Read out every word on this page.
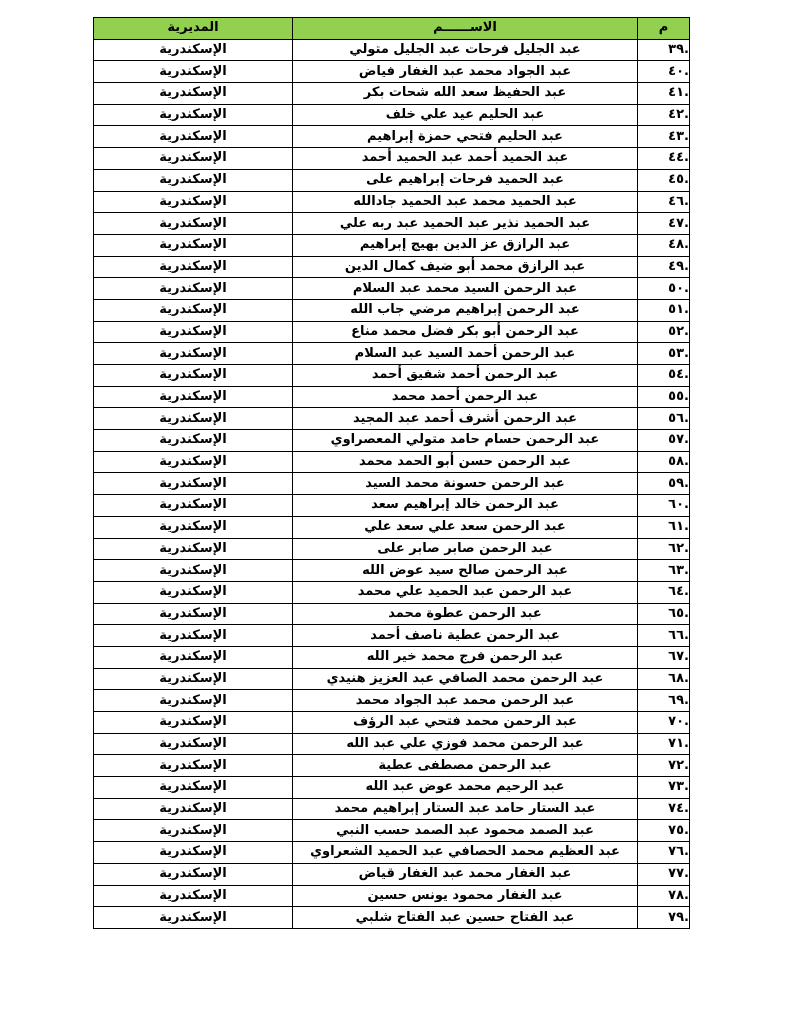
م	الاســــــم	المديرية
.٣٩	عبد الجليل فرحات عبد الجليل متولي	الإسكندرية
.٤٠	عبد الجواد محمد عبد الغفار فياض	الإسكندرية
.٤١	عبد الحفيظ سعد الله شحات بكر	الإسكندرية
.٤٢	عبد الحليم عيد علي خلف	الإسكندرية
.٤٣	عبد الحليم فتحي حمزة إبراهيم	الإسكندرية
.٤٤	عبد الحميد أحمد عبد الحميد أحمد	الإسكندرية
.٤٥	عبد الحميد فرحات إبراهيم على	الإسكندرية
.٤٦	عبد الحميد محمد عبد الحميد جادالله	الإسكندرية
.٤٧	عبد الحميد نذير عبد الحميد عبد ربه علي	الإسكندرية
.٤٨	عبد الرازق عز الدين بهيج إبراهيم	الإسكندرية
.٤٩	عبد الرازق محمد أبو ضيف كمال الدين	الإسكندرية
.٥٠	عبد الرحمن السيد محمد عبد السلام	الإسكندرية
.٥١	عبد الرحمن إبراهيم مرضي جاب الله	الإسكندرية
.٥٢	عبد الرحمن أبو بكر فضل محمد مناع	الإسكندرية
.٥٣	عبد الرحمن أحمد السيد عبد السلام	الإسكندرية
.٥٤	عبد الرحمن أحمد شفيق أحمد	الإسكندرية
.٥٥	عبد الرحمن أحمد محمد	الإسكندرية
.٥٦	عبد الرحمن أشرف أحمد عبد المجيد	الإسكندرية
.٥٧	عبد الرحمن حسام حامد متولي المعصراوي	الإسكندرية
.٥٨	عبد الرحمن حسن أبو الحمد محمد	الإسكندرية
.٥٩	عبد الرحمن حسونة محمد السيد	الإسكندرية
.٦٠	عبد الرحمن خالد إبراهيم سعد	الإسكندرية
.٦١	عبد الرحمن سعد علي سعد علي	الإسكندرية
.٦٢	عبد الرحمن صابر صابر على	الإسكندرية
.٦٣	عبد الرحمن صالح سيد عوض الله	الإسكندرية
.٦٤	عبد الرحمن عبد الحميد علي محمد	الإسكندرية
.٦٥	عبد الرحمن عطوة محمد	الإسكندرية
.٦٦	عبد الرحمن عطية ناصف أحمد	الإسكندرية
.٦٧	عبد الرحمن فرج محمد خير الله	الإسكندرية
.٦٨	عبد الرحمن محمد الصافي عبد العزيز هنيدي	الإسكندرية
.٦٩	عبد الرحمن محمد عبد الجواد محمد	الإسكندرية
.٧٠	عبد الرحمن محمد فتحي عبد الرؤف	الإسكندرية
.٧١	عبد الرحمن محمد فوزي علي عبد الله	الإسكندرية
.٧٢	عبد الرحمن مصطفى عطية	الإسكندرية
.٧٣	عبد الرحيم محمد عوض عبد الله	الإسكندرية
.٧٤	عبد الستار حامد عبد الستار إبراهيم محمد	الإسكندرية
.٧٥	عبد الصمد محمود عبد الصمد حسب النبي	الإسكندرية
.٧٦	عبد العظيم محمد الحصافي عبد الحميد الشعراوي	الإسكندرية
.٧٧	عبد الغفار محمد عبد الغفار قياض	الإسكندرية
.٧٨	عبد الغفار محمود يونس حسين	الإسكندرية
.٧٩	عبد الفتاح حسين عبد الفتاح شلبي	الإسكندرية
